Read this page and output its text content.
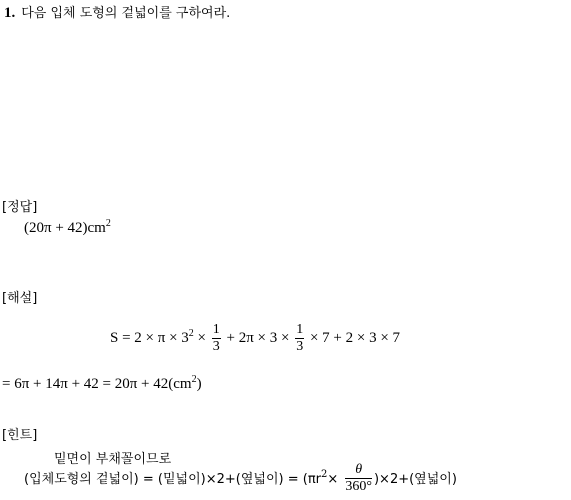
1. 다음 입체 도형의 겉넓이를 구하여라.
[정답]
$(20\pi + 42)cm^2$
[해설]
$S = 2 \times \pi \times 3^2 \times \frac{1}{3} + 2\pi \times 3 \times \frac{1}{3} \times 7 + 2 \times 3 \times 7$
= $6\pi + 14\pi + 42 = 20\pi + 42(cm^2)$
[힌트]
밑면이 부채꼴이므로
(입체도형의 겉넓이) = (밑넓이)×2+(옆넓이) = $(\pi r^2\times \frac{\theta}{360^\circ} )\times 2+$(옆넓이)
